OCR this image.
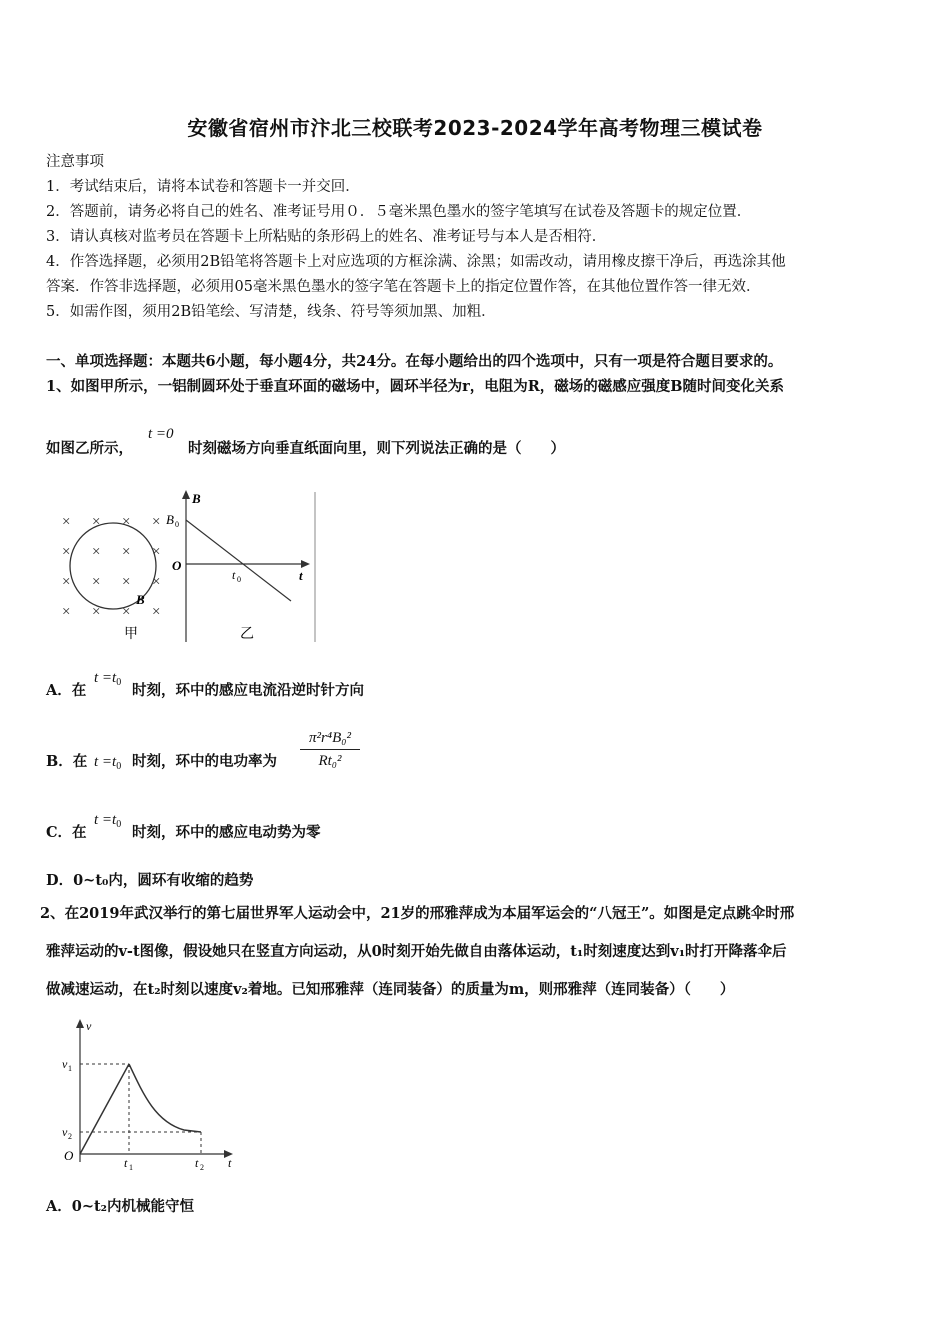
安徽省宿州市汴北三校联考2023-2024学年高考物理三模试卷
注意事项
1．考试结束后，请将本试卷和答题卡一并交回．
2．答题前，请务必将自己的姓名、准考证号用０．５毫米黑色墨水的签字笔填写在试卷及答题卡的规定位置．
3．请认真核对监考员在答题卡上所粘贴的条形码上的姓名、准考证号与本人是否相符．
4．作答选择题，必须用2B铅笔将答题卡上对应选项的方框涂满、涂黑；如需改动，请用橡皮擦干净后，再选涂其他
答案．作答非选择题，必须用05毫米黑色墨水的签字笔在答题卡上的指定位置作答，在其他位置作答一律无效．
5．如需作图，须用2B铅笔绘、写清楚，线条、符号等须加黑、加粗．
一、单项选择题：本题共6小题，每小题4分，共24分。在每小题给出的四个选项中，只有一项是符合题目要求的。
1、如图甲所示，一铝制圆环处于垂直环面的磁场中，圆环半径为r，电阻为R，磁场的磁感应强度B随时间变化关系
如图乙所示，
t =0
时刻磁场方向垂直纸面向里，则下列说法正确的是（　　）
× × × ×
× × × ×
× × × ×
× × × ×
B
甲
B
t
O
B 0
t 0
乙
A．在
$t =t_0$ 时刻，环中的感应电流沿逆时针方向
B．在 $t =t_0$ 时刻，环中的电功率为
π²r⁴B₀²
Rt₀²
C．在
$t =t_0$ 时刻，环中的感应电动势为零
D．0~t₀内，圆环有收缩的趋势
2、在2019年武汉举行的第七届世界军人运动会中，21岁的邢雅萍成为本届军运会的“八冠王”。如图是定点跳伞时邢
雅萍运动的v-t图像，假设她只在竖直方向运动，从0时刻开始先做自由落体运动，t₁时刻速度达到v₁时打开降落伞后
做减速运动，在t₂时刻以速度v₂着地。已知邢雅萍（连同装备）的质量为m，则邢雅萍（连同装备）（　　）
v
t
O
v 1
v 2
t 1	t 2
A．0~t₂内机械能守恒
